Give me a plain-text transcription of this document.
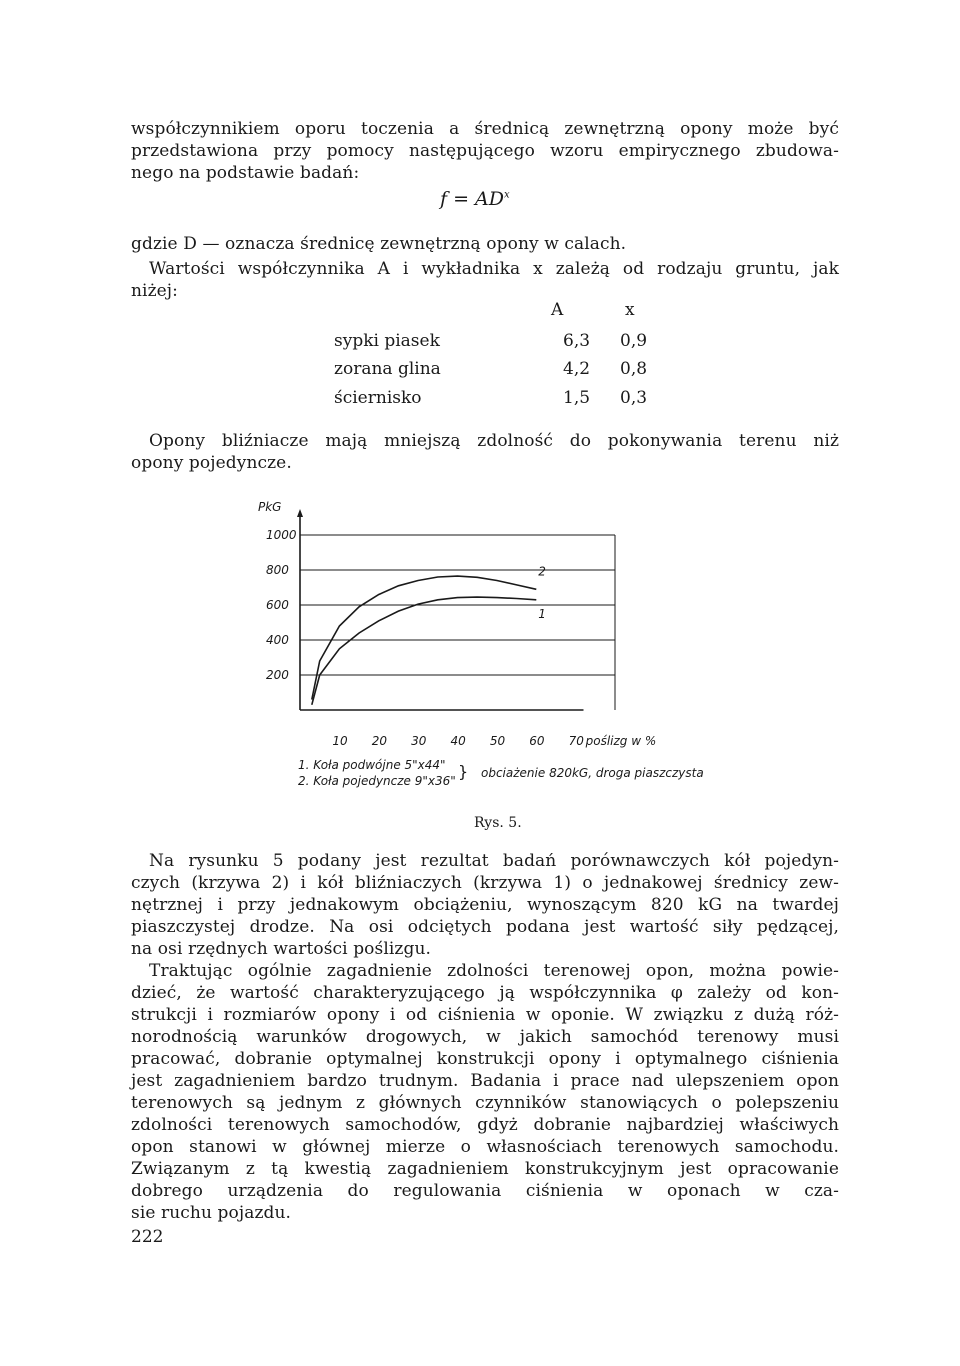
współczynnikiem oporu toczenia a średnicą zewnętrzną opony może być
przedstawiona przy pomocy następującego wzoru empirycznego zbudowa-
nego na podstawie badań:
$f = AD^x$
gdzie D — oznacza średnicę zewnętrzną opony w calach.
Wartości współczynnika A i wykładnika x zależą od rodzaju gruntu, jak
niżej:
A	x
sypki piasek	6,3 0,9
zorana glina	4,2 0,8
ściernisko	1,5 0,3
Opony bliźniacze mają mniejszą zdolność do pokonywania terenu niż
opony pojedyncze.
PkG
1000
800
600
400
200
10 20 30 40 50 60 70 poślizg w %
1
2
1. Koła podwójne 5"x44"
2. Koła pojedyncze 9"x36" } obciażenie 820kG, droga piaszczysta
Rys. 5.
Na rysunku 5 podany jest rezultat badań porównawczych kół pojedyn-
czych (krzywa 2) i kół bliźniaczych (krzywa 1) o jednakowej średnicy zew-
nętrznej i przy jednakowym obciążeniu, wynoszącym 820 kG na twardej
piaszczystej drodze. Na osi odciętych podana jest wartość siły pędzącej,
na osi rzędnych wartości poślizgu.
Traktując ogólnie zagadnienie zdolności terenowej opon, można powie-
dzieć, że wartość charakteryzującego ją współczynnika φ zależy od kon-
strukcji i rozmiarów opony i od ciśnienia w oponie. W związku z dużą róż-
norodnością warunków drogowych, w jakich samochód terenowy musi
pracować, dobranie optymalnej konstrukcji opony i optymalnego ciśnienia
jest zagadnieniem bardzo trudnym. Badania i prace nad ulepszeniem opon
terenowych są jednym z głównych czynników stanowiących o polepszeniu
zdolności terenowych samochodów, gdyż dobranie najbardziej właściwych
opon stanowi w głównej mierze o własnościach terenowych samochodu.
Związanym z tą kwestią zagadnieniem konstrukcyjnym jest opracowanie
dobrego urządzenia do regulowania ciśnienia w oponach w cza-
sie ruchu pojazdu.
222
